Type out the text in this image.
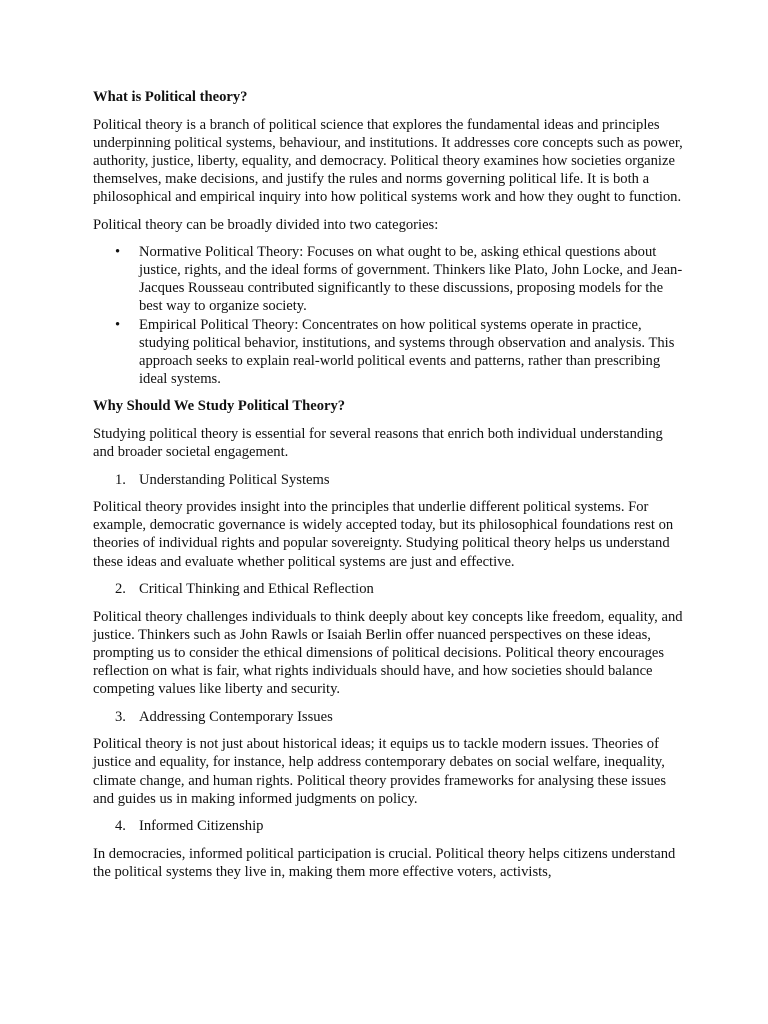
What is Political theory?

Political theory is a branch of political science that explores the fundamental ideas and principles underpinning political systems, behaviour, and institutions. It addresses core concepts such as power, authority, justice, liberty, equality, and democracy. Political theory examines how societies organize themselves, make decisions, and justify the rules and norms governing political life. It is both a philosophical and empirical inquiry into how political systems work and how they ought to function.

Political theory can be broadly divided into two categories:

• Normative Political Theory: Focuses on what ought to be, asking ethical questions about justice, rights, and the ideal forms of government. Thinkers like Plato, John Locke, and Jean-Jacques Rousseau contributed significantly to these discussions, proposing models for the best way to organize society.
• Empirical Political Theory: Concentrates on how political systems operate in practice, studying political behavior, institutions, and systems through observation and analysis. This approach seeks to explain real-world political events and patterns, rather than prescribing ideal systems.
Why Should We Study Political Theory?

Studying political theory is essential for several reasons that enrich both individual understanding and broader societal engagement.

1. Understanding Political Systems

Political theory provides insight into the principles that underlie different political systems. For example, democratic governance is widely accepted today, but its philosophical foundations rest on theories of individual rights and popular sovereignty. Studying political theory helps us understand these ideas and evaluate whether political systems are just and effective.

2. Critical Thinking and Ethical Reflection

Political theory challenges individuals to think deeply about key concepts like freedom, equality, and justice. Thinkers such as John Rawls or Isaiah Berlin offer nuanced perspectives on these ideas, prompting us to consider the ethical dimensions of political decisions. Political theory encourages reflection on what is fair, what rights individuals should have, and how societies should balance competing values like liberty and security.

3. Addressing Contemporary Issues

Political theory is not just about historical ideas; it equips us to tackle modern issues. Theories of justice and equality, for instance, help address contemporary debates on social welfare, inequality, climate change, and human rights. Political theory provides frameworks for analysing these issues and guides us in making informed judgments on policy.

4. Informed Citizenship

In democracies, informed political participation is crucial. Political theory helps citizens understand the political systems they live in, making them more effective voters, activists,
